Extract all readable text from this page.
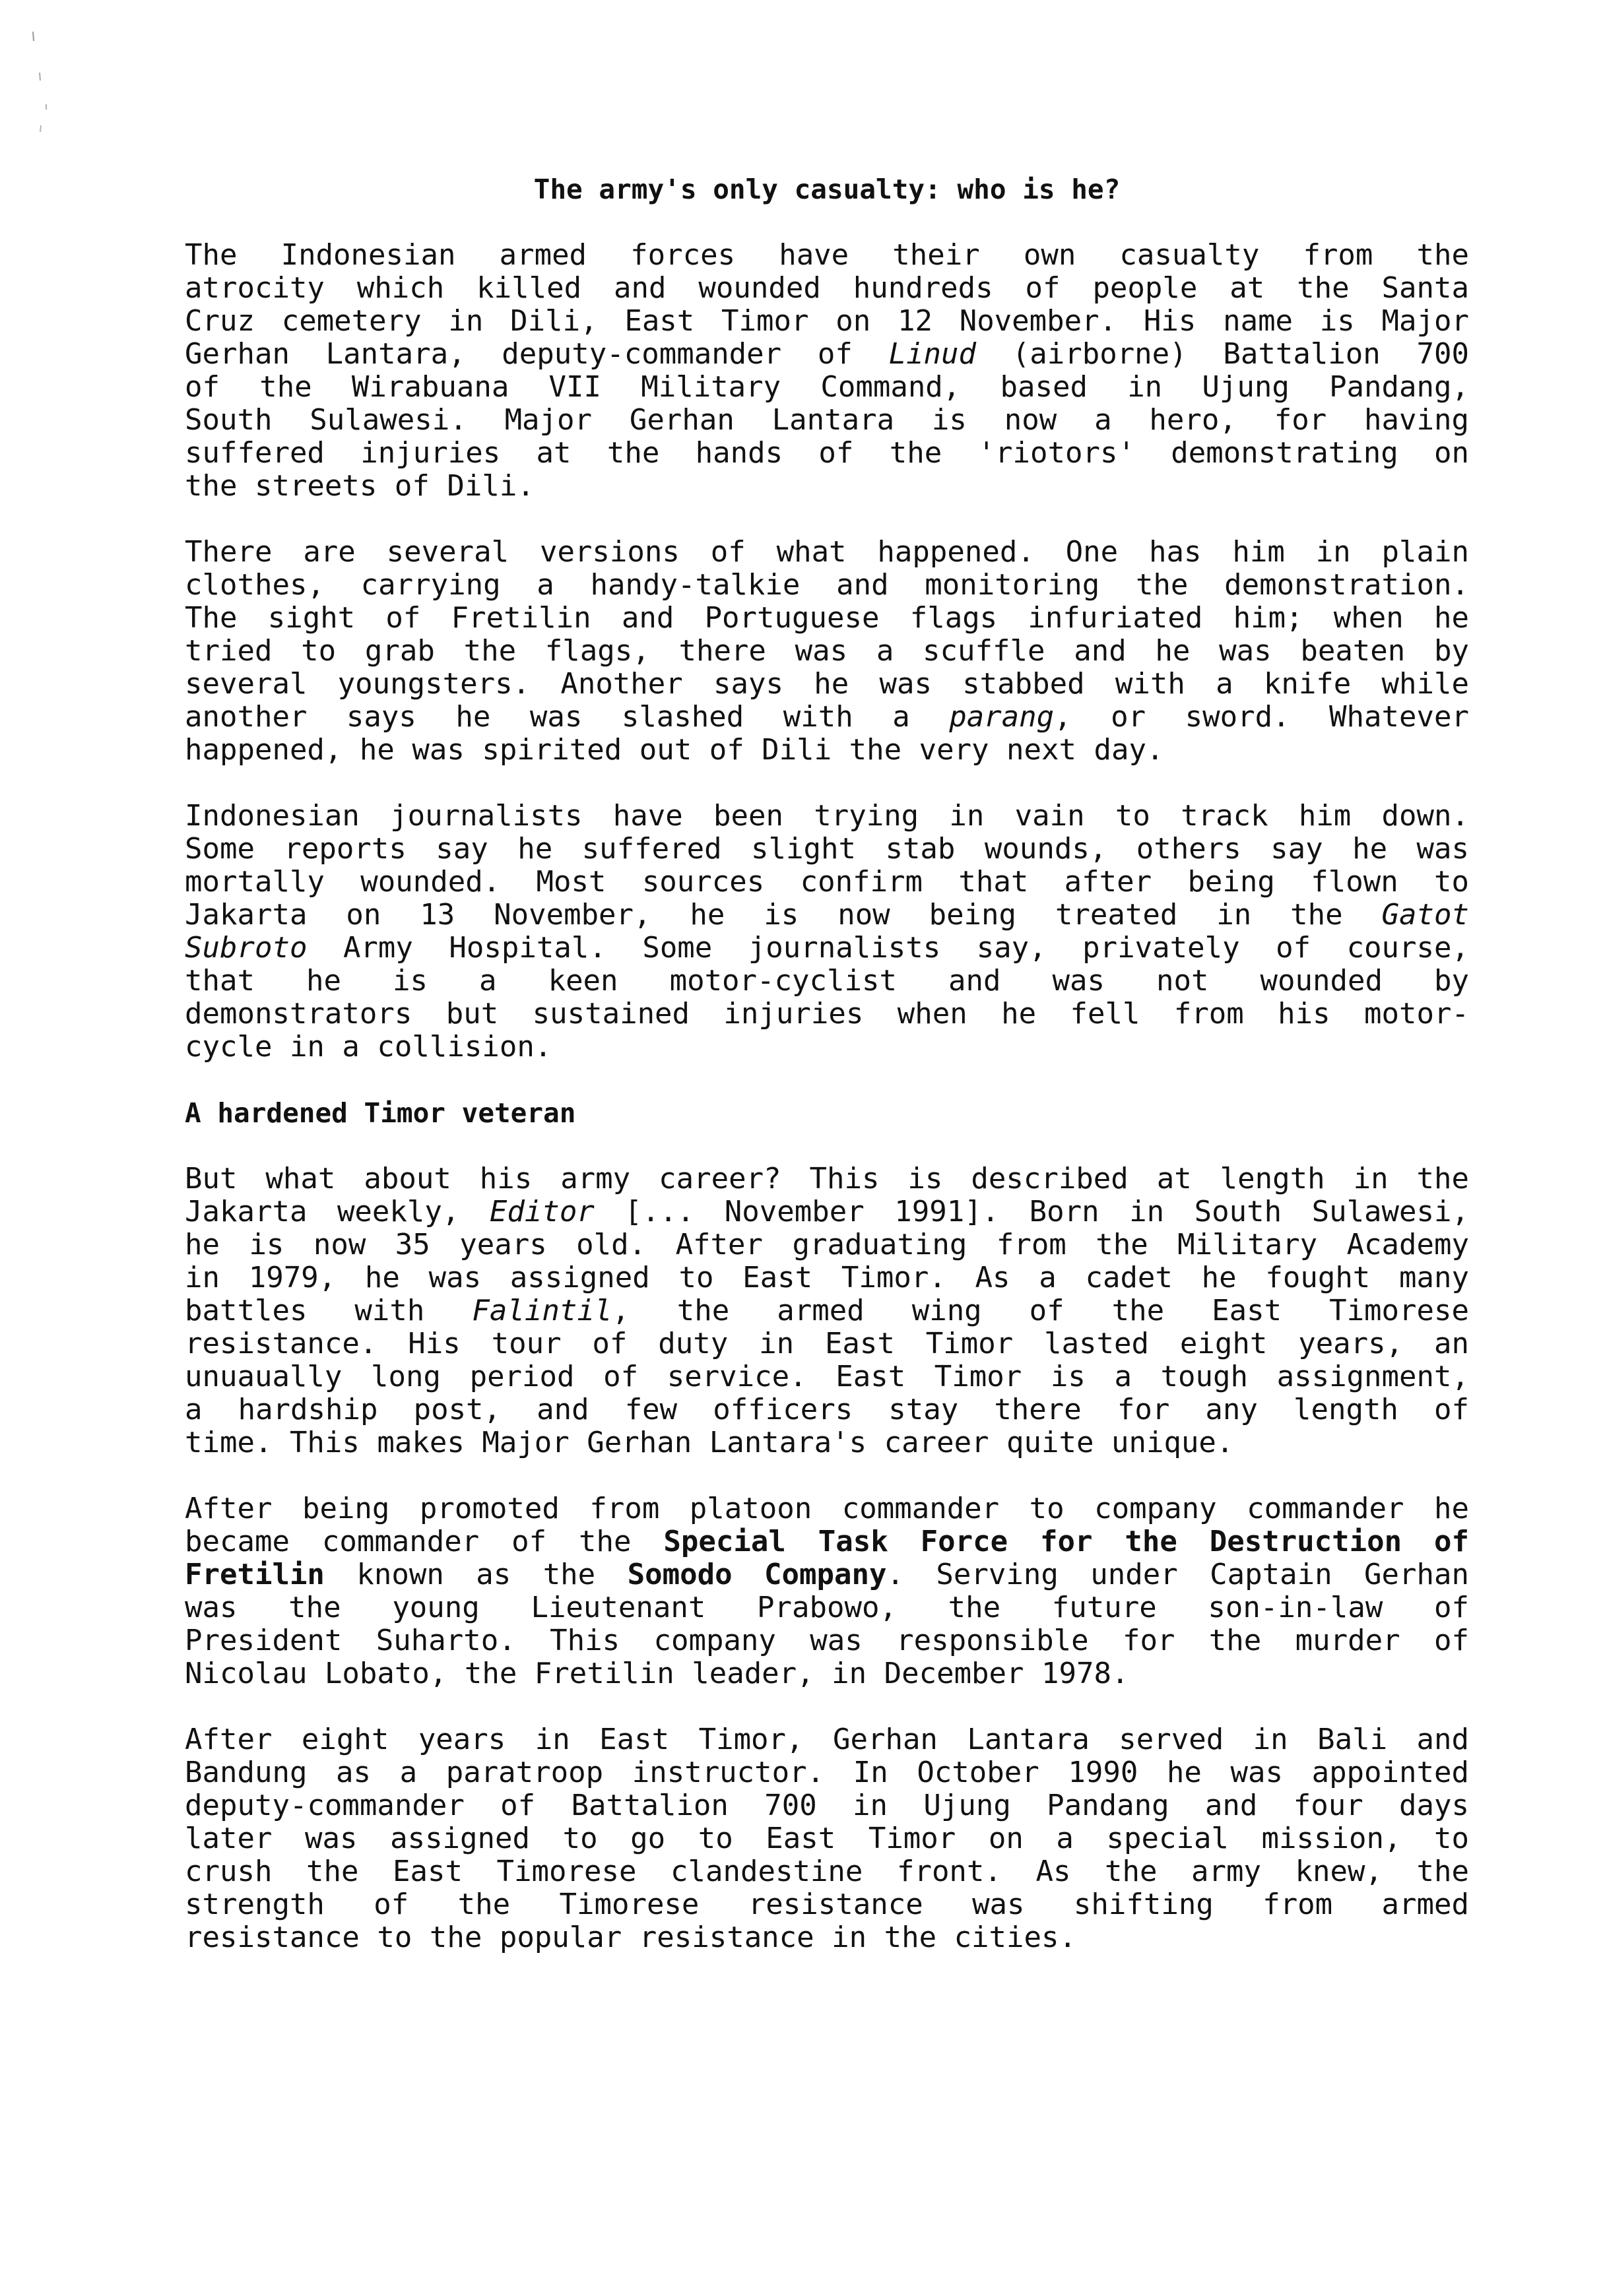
The army's only casualty: who is he?
The Indonesian armed forces have their own casualty from the
atrocity which killed and wounded hundreds of people at the Santa
Cruz cemetery in Dili, East Timor on 12 November. His name is Major
Gerhan Lantara, deputy-commander of Linud (airborne) Battalion 700
of the Wirabuana VII Military Command, based in Ujung Pandang,
South Sulawesi. Major Gerhan Lantara is now a hero, for having
suffered injuries at the hands of the 'riotors' demonstrating on
the streets of Dili.
There are several versions of what happened. One has him in plain
clothes, carrying a handy-talkie and monitoring the demonstration.
The sight of Fretilin and Portuguese flags infuriated him; when he
tried to grab the flags, there was a scuffle and he was beaten by
several youngsters. Another says he was stabbed with a knife while
another says he was slashed with a parang, or sword. Whatever
happened, he was spirited out of Dili the very next day.
Indonesian journalists have been trying in vain to track him down.
Some reports say he suffered slight stab wounds, others say he was
mortally wounded. Most sources confirm that after being flown to
Jakarta on 13 November, he is now being treated in the Gatot
Subroto Army Hospital. Some journalists say, privately of course,
that he is a keen motor-cyclist and was not wounded by
demonstrators but sustained injuries when he fell from his motor-
cycle in a collision.
A hardened Timor veteran
But what about his army career? This is described at length in the
Jakarta weekly, Editor [... November 1991]. Born in South Sulawesi,
he is now 35 years old. After graduating from the Military Academy
in 1979, he was assigned to East Timor. As a cadet he fought many
battles with Falintil, the armed wing of the East Timorese
resistance. His tour of duty in East Timor lasted eight years, an
unuaually long period of service. East Timor is a tough assignment,
a hardship post, and few officers stay there for any length of
time. This makes Major Gerhan Lantara's career quite unique.
After being promoted from platoon commander to company commander he
became commander of the Special Task Force for the Destruction of
Fretilin known as the Somodo Company. Serving under Captain Gerhan
was the young Lieutenant Prabowo, the future son-in-law of
President Suharto. This company was responsible for the murder of
Nicolau Lobato, the Fretilin leader, in December 1978.
After eight years in East Timor, Gerhan Lantara served in Bali and
Bandung as a paratroop instructor. In October 1990 he was appointed
deputy-commander of Battalion 700 in Ujung Pandang and four days
later was assigned to go to East Timor on a special mission, to
crush the East Timorese clandestine front. As the army knew, the
strength of the Timorese resistance was shifting from armed
resistance to the popular resistance in the cities.
